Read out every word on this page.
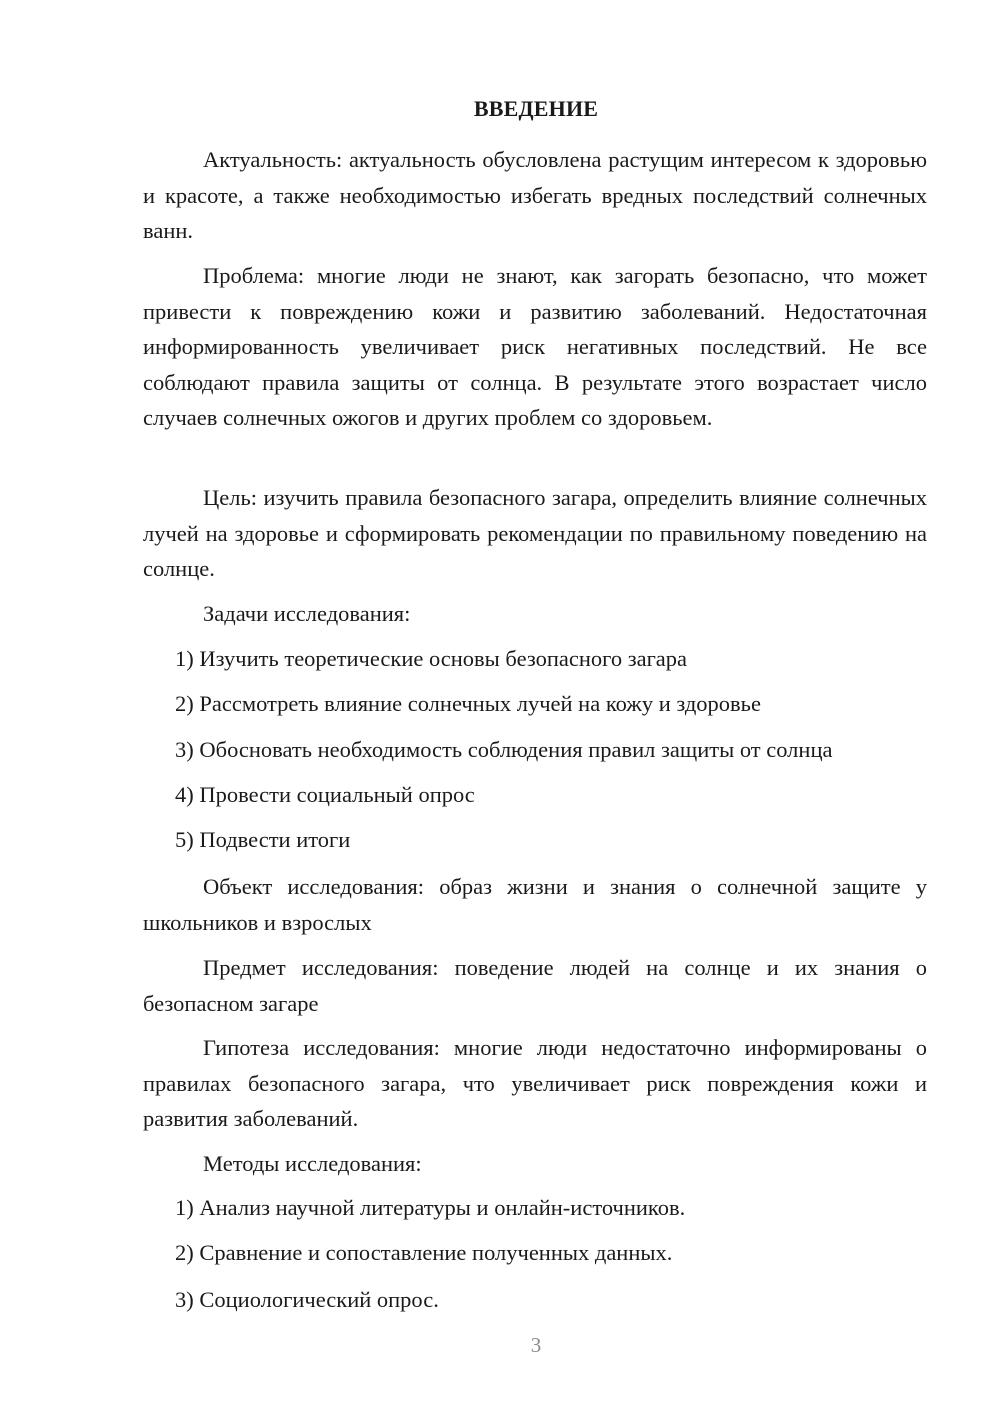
ВВЕДЕНИЕ

Актуальность: актуальность обусловлена растущим интересом к здоровью и красоте, а также необходимостью избегать вредных последствий солнечных ванн.

Проблема: многие люди не знают, как загорать безопасно, что может привести к повреждению кожи и развитию заболеваний. Недостаточная информированность увеличивает риск негативных последствий. Не все соблюдают правила защиты от солнца. В результате этого возрастает число случаев солнечных ожогов и других проблем со здоровьем.

Цель: изучить правила безопасного загара, определить влияние солнечных лучей на здоровье и сформировать рекомендации по правильному поведению на солнце.

Задачи исследования:

1) Изучить теоретические основы безопасного загара

2) Рассмотреть влияние солнечных лучей на кожу и здоровье

3) Обосновать необходимость соблюдения правил защиты от солнца

4) Провести социальный опрос

5) Подвести итоги

Объект исследования: образ жизни и знания о солнечной защите у школьников и взрослых

Предмет исследования: поведение людей на солнце и их знания о безопасном загаре

Гипотеза исследования: многие люди недостаточно информированы о правилах безопасного загара, что увеличивает риск повреждения кожи и развития заболеваний.

Методы исследования:

1) Анализ научной литературы и онлайн-источников.

2) Сравнение и сопоставление полученных данных.

3) Социологический опрос.

3
